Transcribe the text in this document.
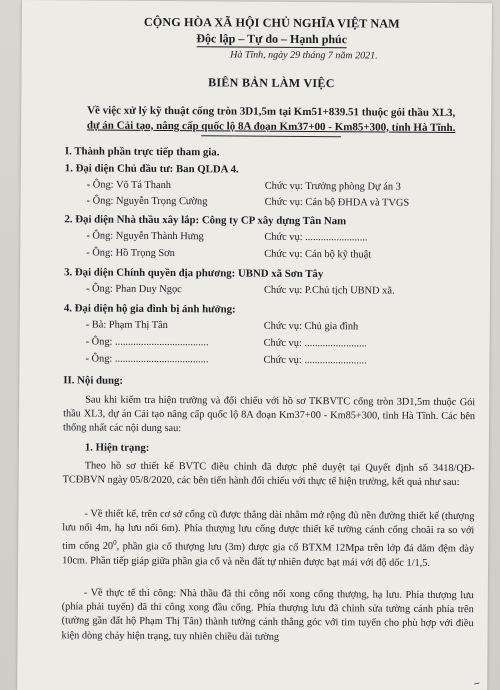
CỘNG HÒA XÃ HỘI CHỦ NGHĨA VIỆT NAM
Độc lập – Tự do – Hạnh phúc
Hà Tĩnh, ngày 29 tháng 7 năm 2021.
BIÊN BẢN LÀM VIỆC
Về việc xử lý kỹ thuật cống tròn 3D1,5m tại Km51+839.51 thuộc gói thầu XL3,
dự án Cải tạo, nâng cấp quốc lộ 8A đoạn Km37+00 - Km85+300, tỉnh Hà Tĩnh.
I. Thành phần trực tiếp tham gia.
1. Đại diện Chủ đầu tư: Ban QLDA 4.
- Ông: Võ Tá Thanh	Chức vụ: Trưởng phòng Dự án 3
- Ông: Nguyễn Trọng Cường	Chức vụ: Cán bộ ĐHDA và TVGS
2. Đại diện Nhà thầu xây lắp: Công ty CP xây dựng Tân Nam
- Ông: Nguyễn Thành Hưng	Chức vụ: ........................
- Ông: Hồ Trọng Sơn	Chức vụ: Cán bộ kỹ thuật
3. Đại diện Chính quyền địa phương: UBND xã Sơn Tây
- Ông: Phan Duy Ngọc	Chức vụ: P.Chủ tịch UBND xã.
4. Đại diện hộ gia đình bị ảnh hưởng:
- Bà: Phạm Thị Tân	Chức vụ: Chủ gia đình
- Ông: ....................................	Chức vụ: ........................
- Ông: ....................................	Chức vụ: ........................
II. Nội dung:
Sau khi kiểm tra hiện trường và đối chiếu với hồ sơ TKBVTC cống tròn 3D1,5m thuộc Gói thầu XL3, dự án Cải tạo nâng cấp quốc lộ 8A đoạn Km37+00 - Km85+300, tỉnh Hà Tĩnh. Các bên thống nhất các nội dung sau:
1. Hiện trạng:
Theo hồ sơ thiết kế BVTC điều chỉnh đã được phê duyệt tại Quyết định số 3418/QĐ-TCĐBVN ngày 05/8/2020, các bên tiến hành đối chiếu với thực tế hiện trường, kết quả như sau:
- Về thiết kế, trên cơ sở cống cũ được thẳng dài nhằm mở rộng đủ nền đường thiết kế (thượng lưu nối 4m, hạ lưu nối 6m). Phía thượng lưu cống được thiết kế tường cánh cống choãi ra so với tim cống $20^0$, phần gia cố thượng lưu (3m) được gia cố BTXM 12Mpa trên lớp đá dăm đệm dày 10cm. Phần tiếp giáp giữa phần gia cố và nền đất tự nhiên được bạt mái với độ dốc 1/1,5.
- Về thực tế thi công: Nhà thầu đã thi công nối xong cống thượng, hạ lưu. Phía thượng lưu (phía phải tuyến) đã thi công xong đầu cống. Phía thượng lưu đã chỉnh sửa tường cánh phía trên (tường gần đất hộ Phạm Thị Tân) thành tường cánh thẳng góc với tim tuyến cho phù hợp với điều kiện dòng chảy hiện trạng, tuy nhiên chiều dài tường
~
